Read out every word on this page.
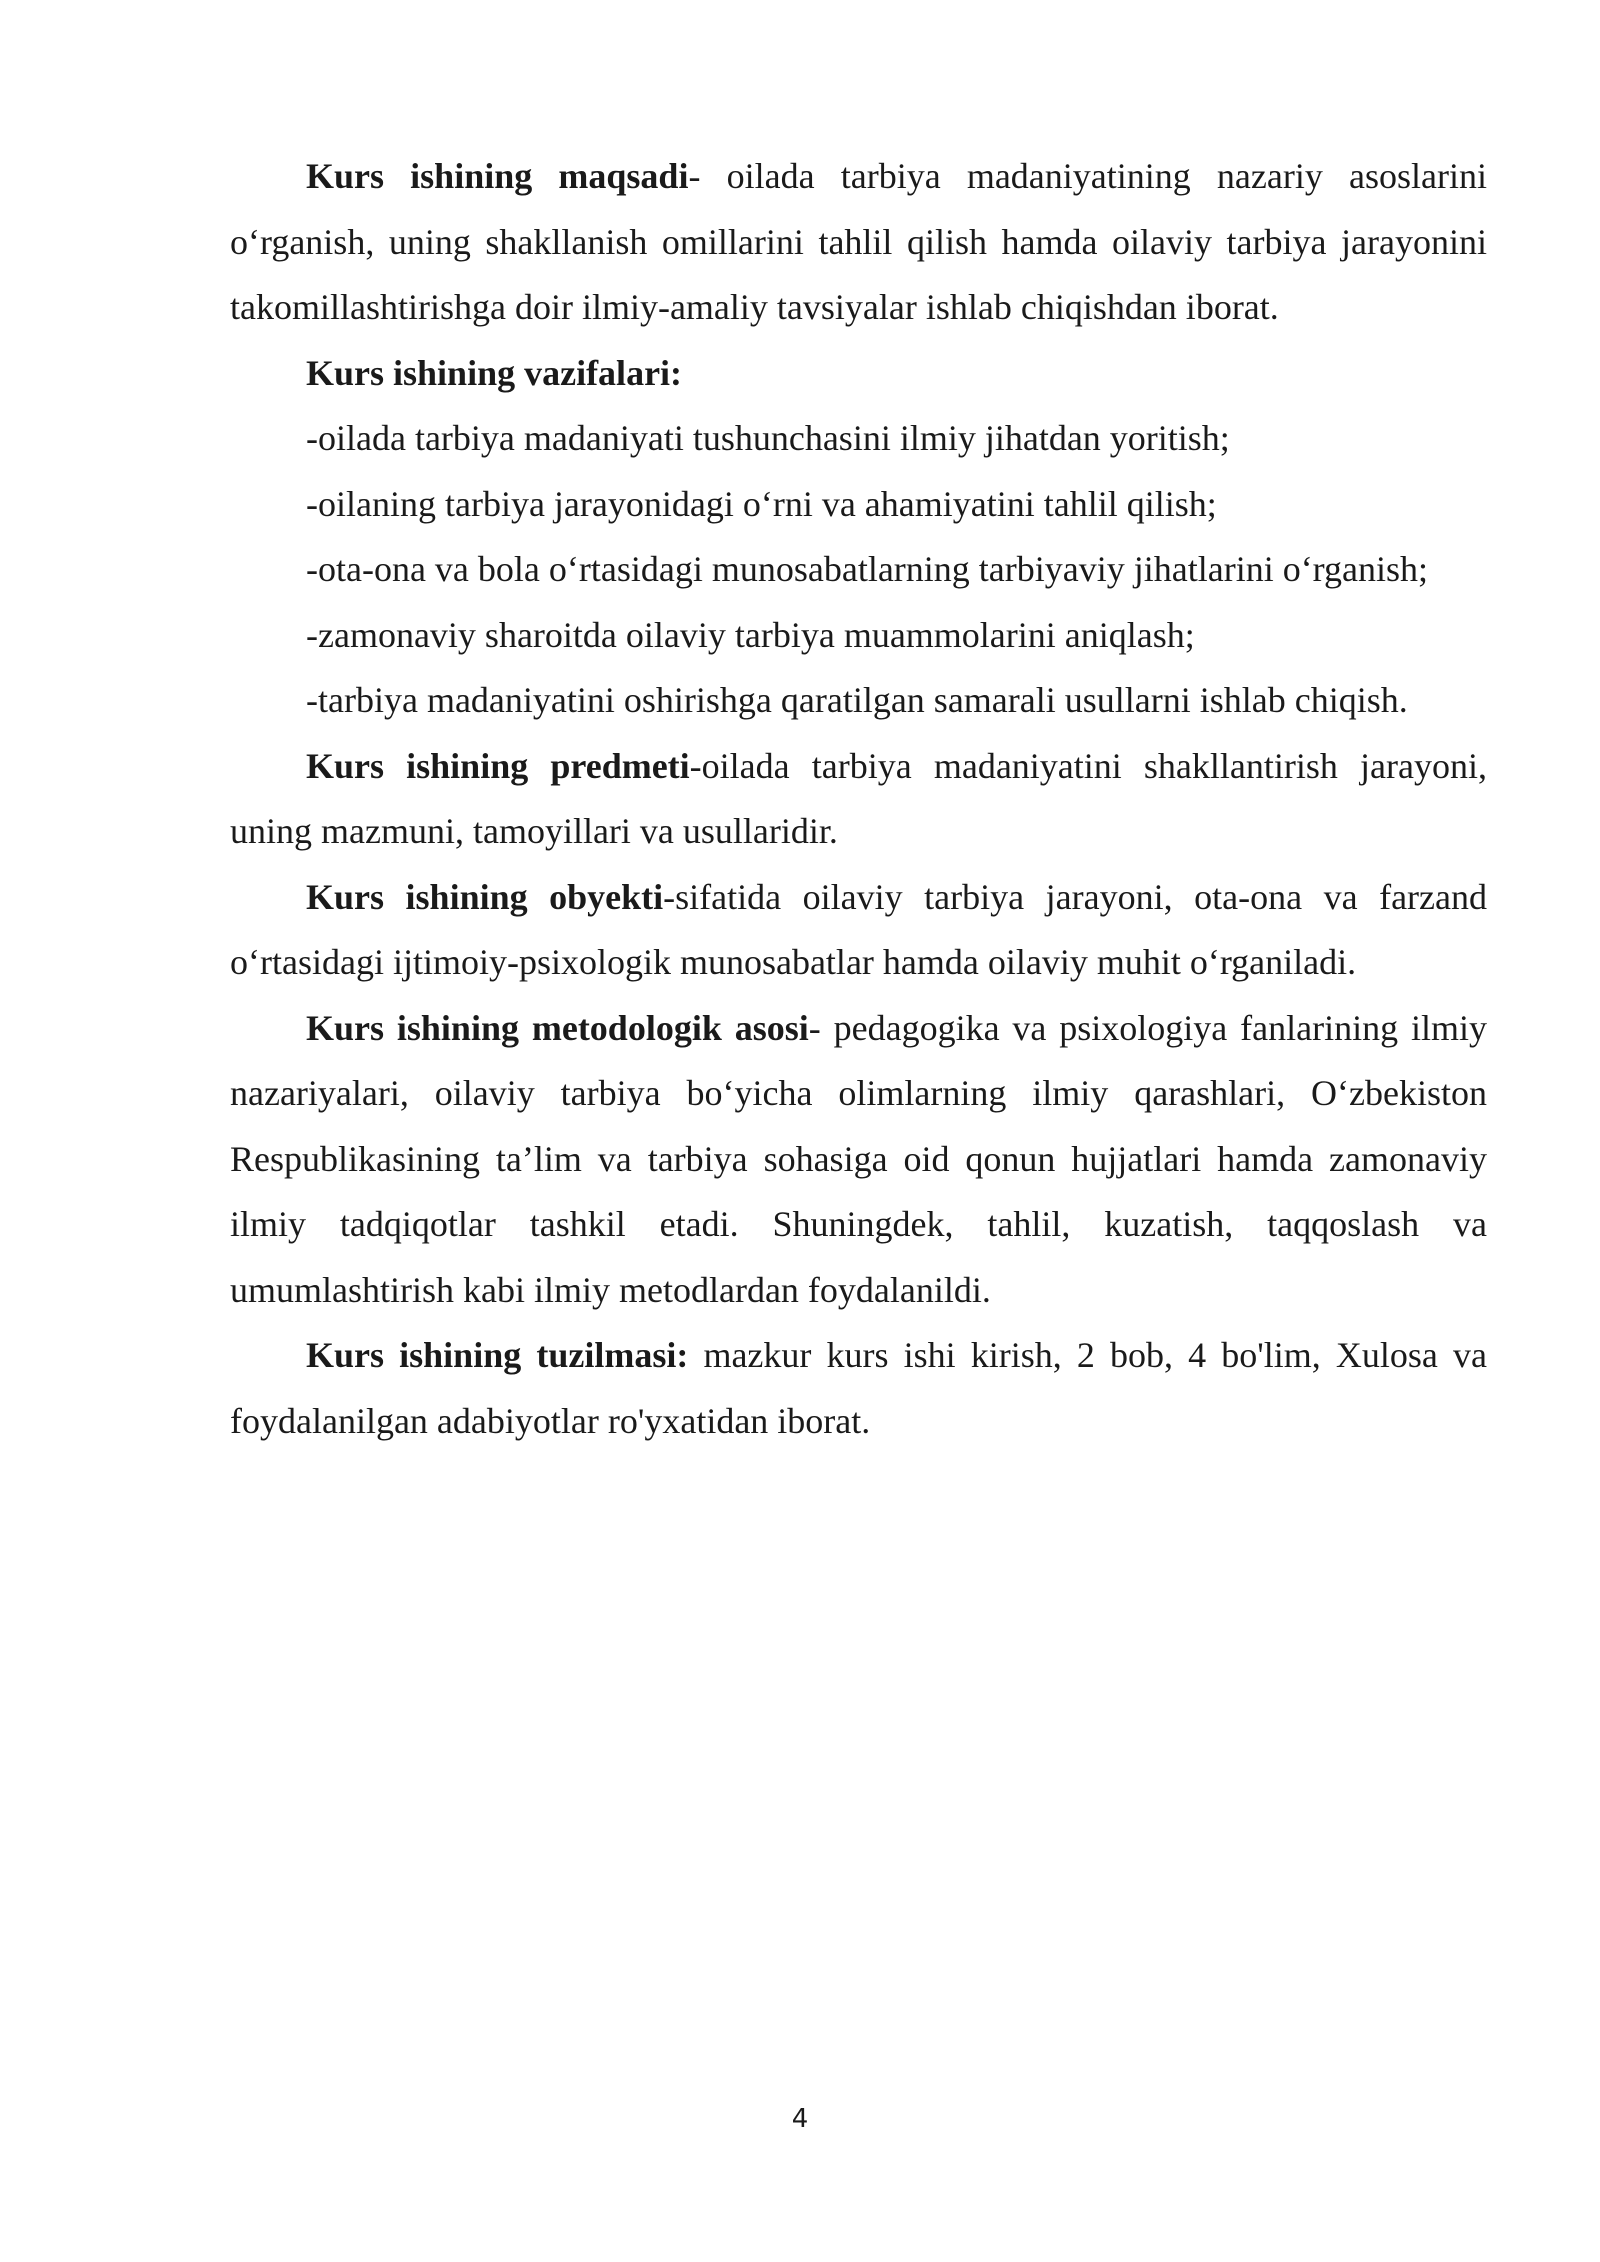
Kurs ishining maqsadi- oilada tarbiya madaniyatining nazariy asoslarini o‘rganish, uning shakllanish omillarini tahlil qilish hamda oilaviy tarbiya jarayonini takomillashtirishga doir ilmiy-amaliy tavsiyalar ishlab chiqishdan iborat.

Kurs ishining vazifalari:

-oilada tarbiya madaniyati tushunchasini ilmiy jihatdan yoritish;

-oilaning tarbiya jarayonidagi o‘rni va ahamiyatini tahlil qilish;

-ota-ona va bola o‘rtasidagi munosabatlarning tarbiyaviy jihatlarini o‘rganish;

-zamonaviy sharoitda oilaviy tarbiya muammolarini aniqlash;

-tarbiya madaniyatini oshirishga qaratilgan samarali usullarni ishlab chiqish.

Kurs ishining predmeti-oilada tarbiya madaniyatini shakllantirish jarayoni, uning mazmuni, tamoyillari va usullaridir.

Kurs ishining obyekti-sifatida oilaviy tarbiya jarayoni, ota-ona va farzand o‘rtasidagi ijtimoiy-psixologik munosabatlar hamda oilaviy muhit o‘rganiladi.

Kurs ishining metodologik asosi- pedagogika va psixologiya fanlarining ilmiy nazariyalari, oilaviy tarbiya bo‘yicha olimlarning ilmiy qarashlari, O‘zbekiston Respublikasining ta’lim va tarbiya sohasiga oid qonun hujjatlari hamda zamonaviy ilmiy tadqiqotlar tashkil etadi. Shuningdek, tahlil, kuzatish, taqqoslash va umumlashtirish kabi ilmiy metodlardan foydalanildi.

Kurs ishining tuzilmasi: mazkur kurs ishi kirish, 2 bob, 4 bo'lim, Xulosa va foydalanilgan adabiyotlar ro'yxatidan iborat.

4
